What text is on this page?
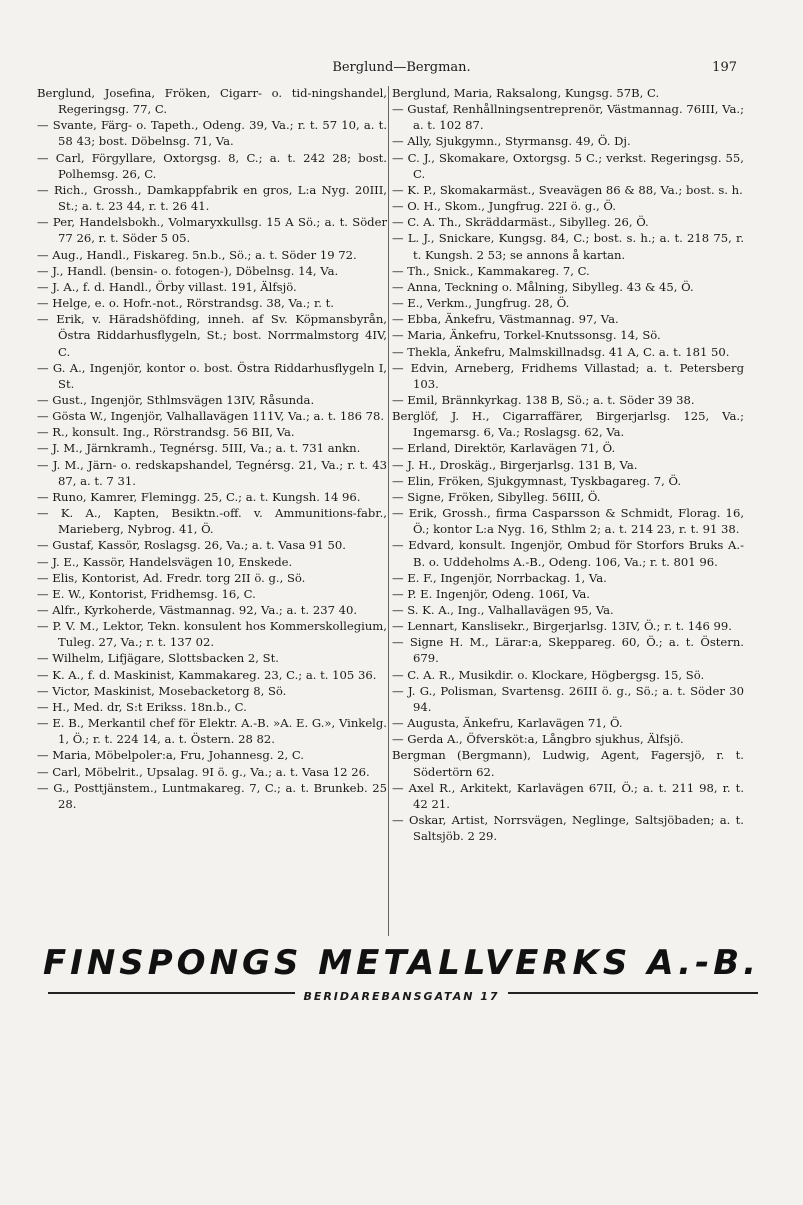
Berglund—Bergman.	197
Berglund, Josefina, Fröken, Cigarr- o. tid-ningshandel, Regeringsg. 77, C.
— Svante, Färg- o. Tapeth., Odeng. 39, Va.; r. t. 57 10, a. t. 58 43; bost. Döbelnsg. 71, Va.
— Carl, Förgyllare, Oxtorgsg. 8, C.; a. t. 242 28; bost. Polhemsg. 26, C.
— Rich., Grossh., Damkappfabrik en gros, L:a Nyg. 20III, St.; a. t. 23 44, r. t. 26 41.
— Per, Handelsbokh., Volmaryxkullsg. 15 A Sö.; a. t. Söder 77 26, r. t. Söder 5 05.
— Aug., Handl., Fiskareg. 5n.b., Sö.; a. t. Söder 19 72.
— J., Handl. (bensin- o. fotogen-), Döbelnsg. 14, Va.
— J. A., f. d. Handl., Örby villast. 191, Älfsjö.
— Helge, e. o. Hofr.-not., Rörstrandsg. 38, Va.; r. t.
— Erik, v. Häradshöfding, inneh. af Sv. Köpmansbyrån, Östra Riddarhusflygeln, St.; bost. Norrmalmstorg 4IV, C.
— G. A., Ingenjör, kontor o. bost. Östra Riddarhusflygeln I, St.
— Gust., Ingenjör, Sthlmsvägen 13IV, Råsunda.
— Gösta W., Ingenjör, Valhallavägen 111V, Va.; a. t. 186 78.
— R., konsult. Ing., Rörstrandsg. 56 BII, Va.
— J. M., Järnkramh., Tegnérsg. 5III, Va.; a. t. 731 ankn.
— J. M., Järn- o. redskapshandel, Tegnérsg. 21, Va.; r. t. 43 87, a. t. 7 31.
— Runo, Kamrer, Flemingg. 25, C.; a. t. Kungsh. 14 96.
— K. A., Kapten, Besiktn.-off. v. Ammunitions-fabr., Marieberg, Nybrog. 41, Ö.
— Gustaf, Kassör, Roslagsg. 26, Va.; a. t. Vasa 91 50.
— J. E., Kassör, Handelsvägen 10, Enskede.
— Elis, Kontorist, Ad. Fredr. torg 2II ö. g., Sö.
— E. W., Kontorist, Fridhemsg. 16, C.
— Alfr., Kyrkoherde, Västmannag. 92, Va.; a. t. 237 40.
— P. V. M., Lektor, Tekn. konsulent hos Kommerskollegium, Tuleg. 27, Va.; r. t. 137 02.
— Wilhelm, Lifjägare, Slottsbacken 2, St.
— K. A., f. d. Maskinist, Kammakareg. 23, C.; a. t. 105 36.
— Victor, Maskinist, Mosebacketorg 8, Sö.
— H., Med. dr, S:t Erikss. 18n.b., C.
— E. B., Merkantil chef för Elektr. A.-B. »A. E. G.», Vinkelg. 1, Ö.; r. t. 224 14, a. t. Östern. 28 82.
— Maria, Möbelpoler:a, Fru, Johannesg. 2, C.
— Carl, Möbelrit., Upsalag. 9I ö. g., Va.; a. t. Vasa 12 26.
— G., Posttjänstem., Luntmakareg. 7, C.; a. t. Brunkeb. 25 28.
Berglund, Maria, Raksalong, Kungsg. 57B, C.
— Gustaf, Renhållningsentreprenör, Västmannag. 76III, Va.; a. t. 102 87.
— Ally, Sjukgymn., Styrmansg. 49, Ö. Dj.
— C. J., Skomakare, Oxtorgsg. 5 C.; verkst. Regeringsg. 55, C.
— K. P., Skomakarmäst., Sveavägen 86 & 88, Va.; bost. s. h.
— O. H., Skom., Jungfrug. 22I ö. g., Ö.
— C. A. Th., Skräddarmäst., Sibylleg. 26, Ö.
— L. J., Snickare, Kungsg. 84, C.; bost. s. h.; a. t. 218 75, r. t. Kungsh. 2 53; se annons å kartan.
— Th., Snick., Kammakareg. 7, C.
— Anna, Teckning o. Målning, Sibylleg. 43 & 45, Ö.
— E., Verkm., Jungfrug. 28, Ö.
— Ebba, Änkefru, Västmannag. 97, Va.
— Maria, Änkefru, Torkel-Knutssonsg. 14, Sö.
— Thekla, Änkefru, Malmskillnadsg. 41 A, C. a. t. 181 50.
— Edvin, Arneberg, Fridhems Villastad; a. t. Petersberg 103.
— Emil, Brännkyrkag. 138 B, Sö.; a. t. Söder 39 38.
Berglöf, J. H., Cigarraffärer, Birgerjarlsg. 125, Va.; Ingemarsg. 6, Va.; Roslagsg. 62, Va.
— Erland, Direktör, Karlavägen 71, Ö.
— J. H., Droskäg., Birgerjarlsg. 131 B, Va.
— Elin, Fröken, Sjukgymnast, Tyskbagareg. 7, Ö.
— Signe, Fröken, Sibylleg. 56III, Ö.
— Erik, Grossh., firma Casparsson & Schmidt, Florag. 16, Ö.; kontor L:a Nyg. 16, Sthlm 2; a. t. 214 23, r. t. 91 38.
— Edvard, konsult. Ingenjör, Ombud för Storfors Bruks A.-B. o. Uddeholms A.-B., Odeng. 106, Va.; r. t. 801 96.
— E. F., Ingenjör, Norrbackag. 1, Va.
— P. E. Ingenjör, Odeng. 106I, Va.
— S. K. A., Ing., Valhallavägen 95, Va.
— Lennart, Kanslisekr., Birgerjarlsg. 13IV, Ö.; r. t. 146 99.
— Signe H. M., Lärar:a, Skeppareg. 60, Ö.; a. t. Östern. 679.
— C. A. R., Musikdir. o. Klockare, Högbergsg. 15, Sö.
— J. G., Polisman, Svartensg. 26III ö. g., Sö.; a. t. Söder 30 94.
— Augusta, Änkefru, Karlavägen 71, Ö.
— Gerda A., Öfversköt:a, Långbro sjukhus, Älfsjö.
Bergman (Bergmann), Ludwig, Agent, Fagersjö, r. t. Södertörn 62.
— Axel R., Arkitekt, Karlavägen 67II, Ö.; a. t. 211 98, r. t. 42 21.
— Oskar, Artist, Norrsvägen, Neglinge, Saltsjöbaden; a. t. Saltsjöb. 2 29.
FINSPONGS METALLVERKS A.-B.
BERIDAREBANSGATAN 17
